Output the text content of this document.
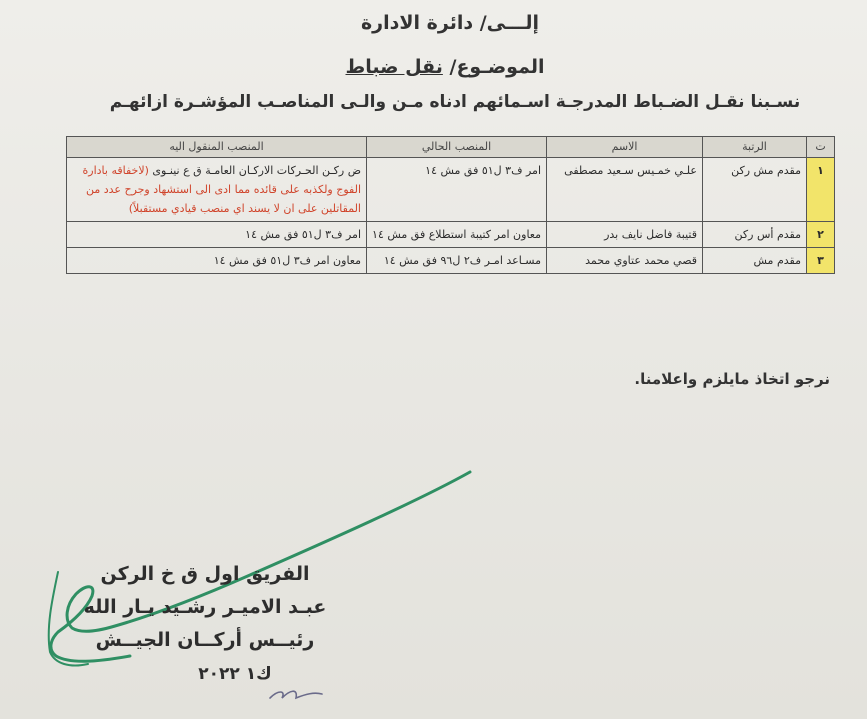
إلـــى/ دائرة الادارة
الموضـوع/ نقل ضباط
نسـبنا نقـل الضـباط المدرجـة اسـمائهم ادناه مـن والـى المناصـب المؤشـرة ازائهـم
ت	الرتبة	الاسم	المنصب الحالي	المنصب المنقول اليه
١	مقدم مش ركن	علـي خمـيس سـعيد مصطفى	امر ف٣ ل٥١ فق مش ١٤	ض ركـن الحـركات الاركـان العامـة ق ع نينـوى (لاخفاقه بادارة الفوج ولكذبه على قائده مما ادى الى استشهاد وجرح عدد من المقاتلين على ان لا يسند اي منصب قيادي مستقبلاً)
٢	مقدم أس ركن	قتيبة فاضل نايف بدر	معاون امر كتيبة استطلاع فق مش ١٤	امر ف٣ ل٥١ فق مش ١٤
٣	مقدم مش	قصي محمد عتاوي محمد	مسـاعد امـر ف٢ ل٩٦ فق مش ١٤	معاون امر ف٣ ل٥١ فق مش ١٤
نرجو اتخاذ مايلزم واعلامنا.
الفريق اول ق خ الركن
عبـد الاميـر رشـيد يـار الله
رئيــس أركــان الجيــش
ك١ ٢٠٢٢
